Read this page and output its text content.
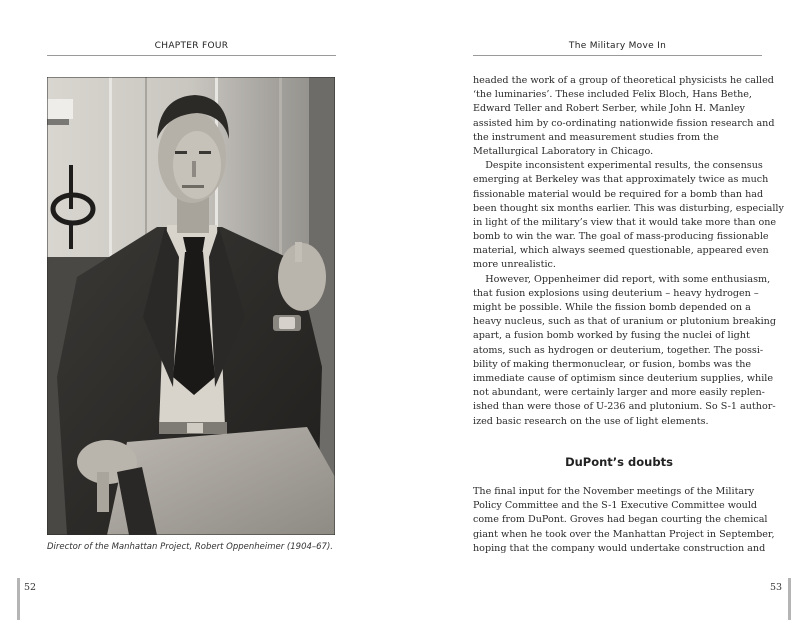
CHAPTER FOUR
Director of the Manhattan Project, Robert Oppenheimer (1904–67).
52
The Military Move In
headed the work of a group of theoretical physicists he called
‘the luminaries’. These included Felix Bloch, Hans Bethe,
Edward Teller and Robert Serber, while John H. Manley
assisted him by co-ordinating nationwide fission research and
the instrument and measurement studies from the
Metallurgical Laboratory in Chicago.
Despite inconsistent experimental results, the consensus
emerging at Berkeley was that approximately twice as much
fissionable material would be required for a bomb than had
been thought six months earlier. This was disturbing, especially
in light of the military’s view that it would take more than one
bomb to win the war. The goal of mass-producing fissionable
material, which always seemed questionable, appeared even
more unrealistic.
However, Oppenheimer did report, with some enthusiasm,
that fusion explosions using deuterium – heavy hydrogen –
might be possible. While the fission bomb depended on a
heavy nucleus, such as that of uranium or plutonium breaking
apart, a fusion bomb worked by fusing the nuclei of light
atoms, such as hydrogen or deuterium, together. The possi-
bility of making thermonuclear, or fusion, bombs was the
immediate cause of optimism since deuterium supplies, while
not abundant, were certainly larger and more easily replen-
ished than were those of U-236 and plutonium. So S-1 author-
ized basic research on the use of light elements.
DuPont’s doubts
The final input for the November meetings of the Military
Policy Committee and the S-1 Executive Committee would
come from DuPont. Groves had began courting the chemical
giant when he took over the Manhattan Project in September,
hoping that the company would undertake construction and
53
